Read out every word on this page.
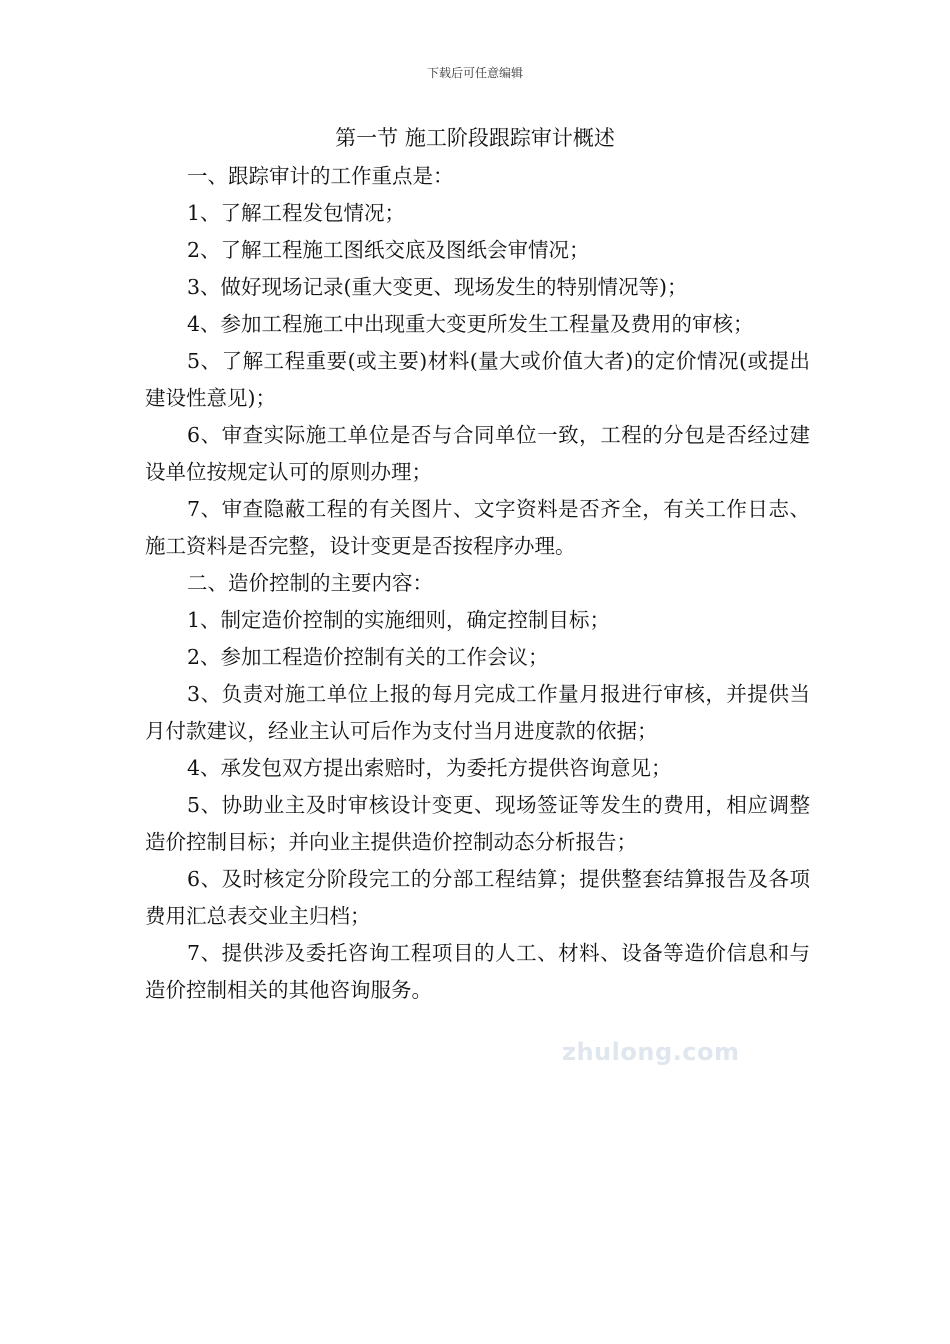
下载后可任意编辑
第一节 施工阶段跟踪审计概述

一、跟踪审计的工作重点是：

1、了解工程发包情况；

2、了解工程施工图纸交底及图纸会审情况；

3、做好现场记录(重大变更、现场发生的特别情况等)；

4、参加工程施工中出现重大变更所发生工程量及费用的审核；

5、了解工程重要(或主要)材料(量大或价值大者)的定价情况(或提出建设性意见)；

6、审查实际施工单位是否与合同单位一致，工程的分包是否经过建设单位按规定认可的原则办理；

7、审查隐蔽工程的有关图片、文字资料是否齐全，有关工作日志、施工资料是否完整，设计变更是否按程序办理。

二、造价控制的主要内容：

1、制定造价控制的实施细则，确定控制目标；

2、参加工程造价控制有关的工作会议；

3、负责对施工单位上报的每月完成工作量月报进行审核，并提供当月付款建议，经业主认可后作为支付当月进度款的依据；

4、承发包双方提出索赔时，为委托方提供咨询意见；

5、协助业主及时审核设计变更、现场签证等发生的费用，相应调整造价控制目标；并向业主提供造价控制动态分析报告；

6、及时核定分阶段完工的分部工程结算；提供整套结算报告及各项费用汇总表交业主归档；

7、提供涉及委托咨询工程项目的人工、材料、设备等造价信息和与造价控制相关的其他咨询服务。

zhulong.com
